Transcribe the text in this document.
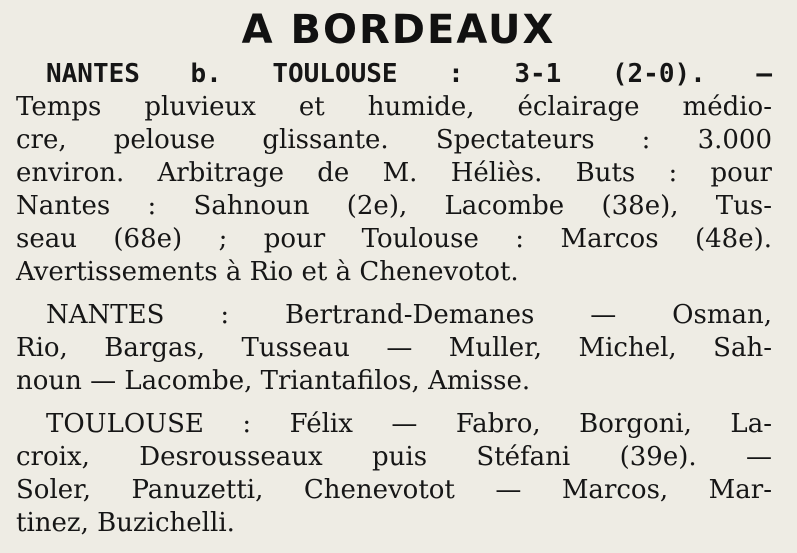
A BORDEAUX
NANTES b. TOULOUSE : 3-1 (2-0). —
Temps pluvieux et humide, éclairage médio-
cre, pelouse glissante. Spectateurs : 3.000
environ. Arbitrage de M. Héliès. Buts : pour
Nantes : Sahnoun (2e), Lacombe (38e), Tus-
seau (68e) ; pour Toulouse : Marcos (48e).
Avertissements à Rio et à Chenevotot.
NANTES : Bertrand-Demanes — Osman,
Rio, Bargas, Tusseau — Muller, Michel, Sah-
noun — Lacombe, Triantafilos, Amisse.
TOULOUSE : Félix — Fabro, Borgoni, La-
croix, Desrousseaux puis Stéfani (39e). —
Soler, Panuzetti, Chenevotot — Marcos, Mar-
tinez, Buzichelli.
